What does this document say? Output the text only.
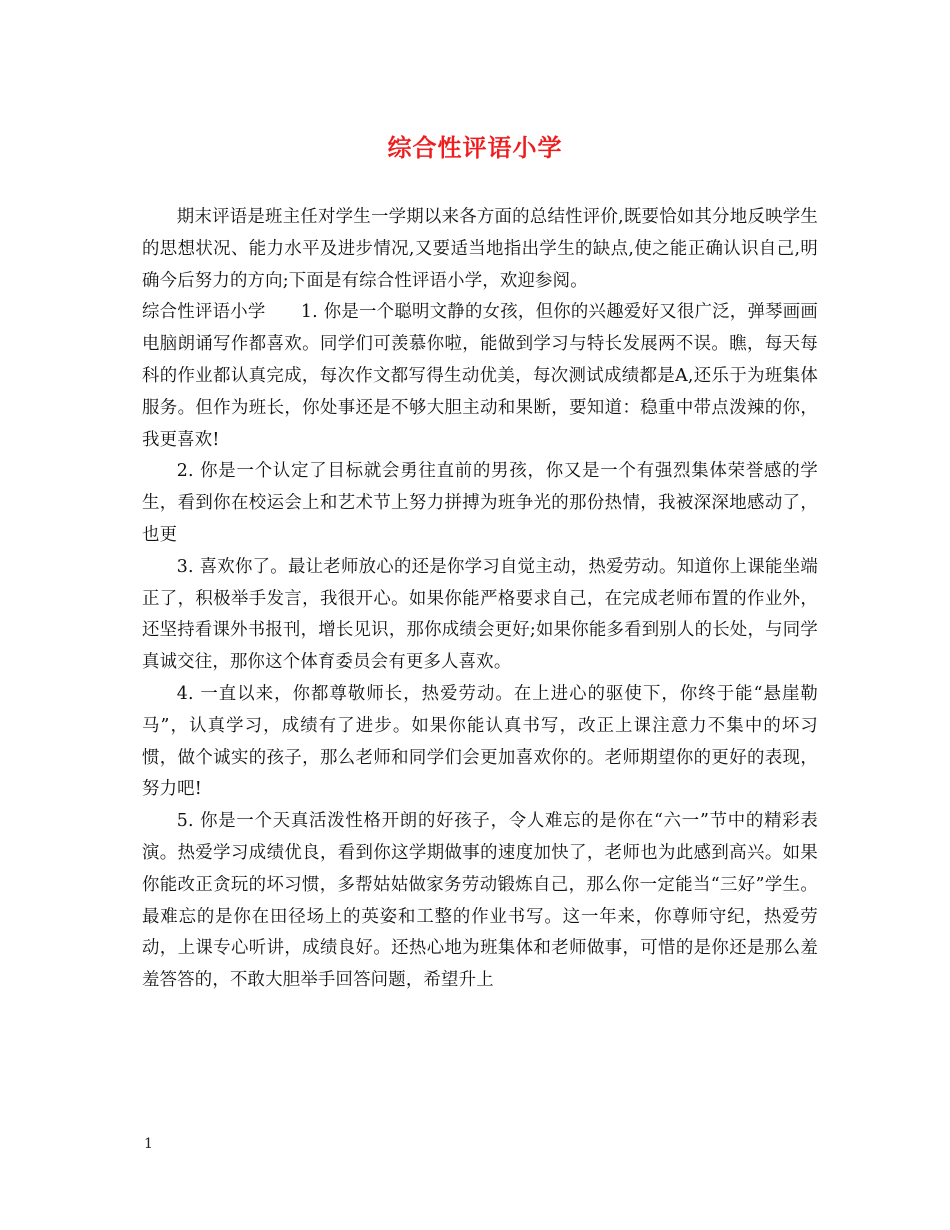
综合性评语小学

期末评语是班主任对学生一学期以来各方面的总结性评价,既要恰如其分地反映学生的思想状况、能力水平及进步情况,又要适当地指出学生的缺点,使之能正确认识自己,明确今后努力的方向;下面是有综合性评语小学，欢迎参阅。

综合性评语小学　　1. 你是一个聪明文静的女孩，但你的兴趣爱好又很广泛，弹琴画画电脑朗诵写作都喜欢。同学们可羡慕你啦，能做到学习与特长发展两不误。瞧，每天每科的作业都认真完成，每次作文都写得生动优美，每次测试成绩都是A,还乐于为班集体服务。但作为班长，你处事还是不够大胆主动和果断，要知道：稳重中带点泼辣的你，我更喜欢!

2. 你是一个认定了目标就会勇往直前的男孩，你又是一个有强烈集体荣誉感的学生，看到你在校运会上和艺术节上努力拼搏为班争光的那份热情，我被深深地感动了，也更

3. 喜欢你了。最让老师放心的还是你学习自觉主动，热爱劳动。知道你上课能坐端正了，积极举手发言，我很开心。如果你能严格要求自己，在完成老师布置的作业外，还坚持看课外书报刊，增长见识，那你成绩会更好;如果你能多看到别人的长处，与同学真诚交往，那你这个体育委员会有更多人喜欢。

4. 一直以来，你都尊敬师长，热爱劳动。在上进心的驱使下，你终于能“悬崖勒马”，认真学习，成绩有了进步。如果你能认真书写，改正上课注意力不集中的坏习惯，做个诚实的孩子，那么老师和同学们会更加喜欢你的。老师期望你的更好的表现，努力吧!

5. 你是一个天真活泼性格开朗的好孩子，令人难忘的是你在“六一”节中的精彩表演。热爱学习成绩优良，看到你这学期做事的速度加快了，老师也为此感到高兴。如果你能改正贪玩的坏习惯，多帮姑姑做家务劳动锻炼自己，那么你一定能当“三好”学生。 最难忘的是你在田径场上的英姿和工整的作业书写。这一年来，你尊师守纪，热爱劳动，上课专心听讲，成绩良好。还热心地为班集体和老师做事，可惜的是你还是那么羞羞答答的，不敢大胆举手回答问题，希望升上

1
